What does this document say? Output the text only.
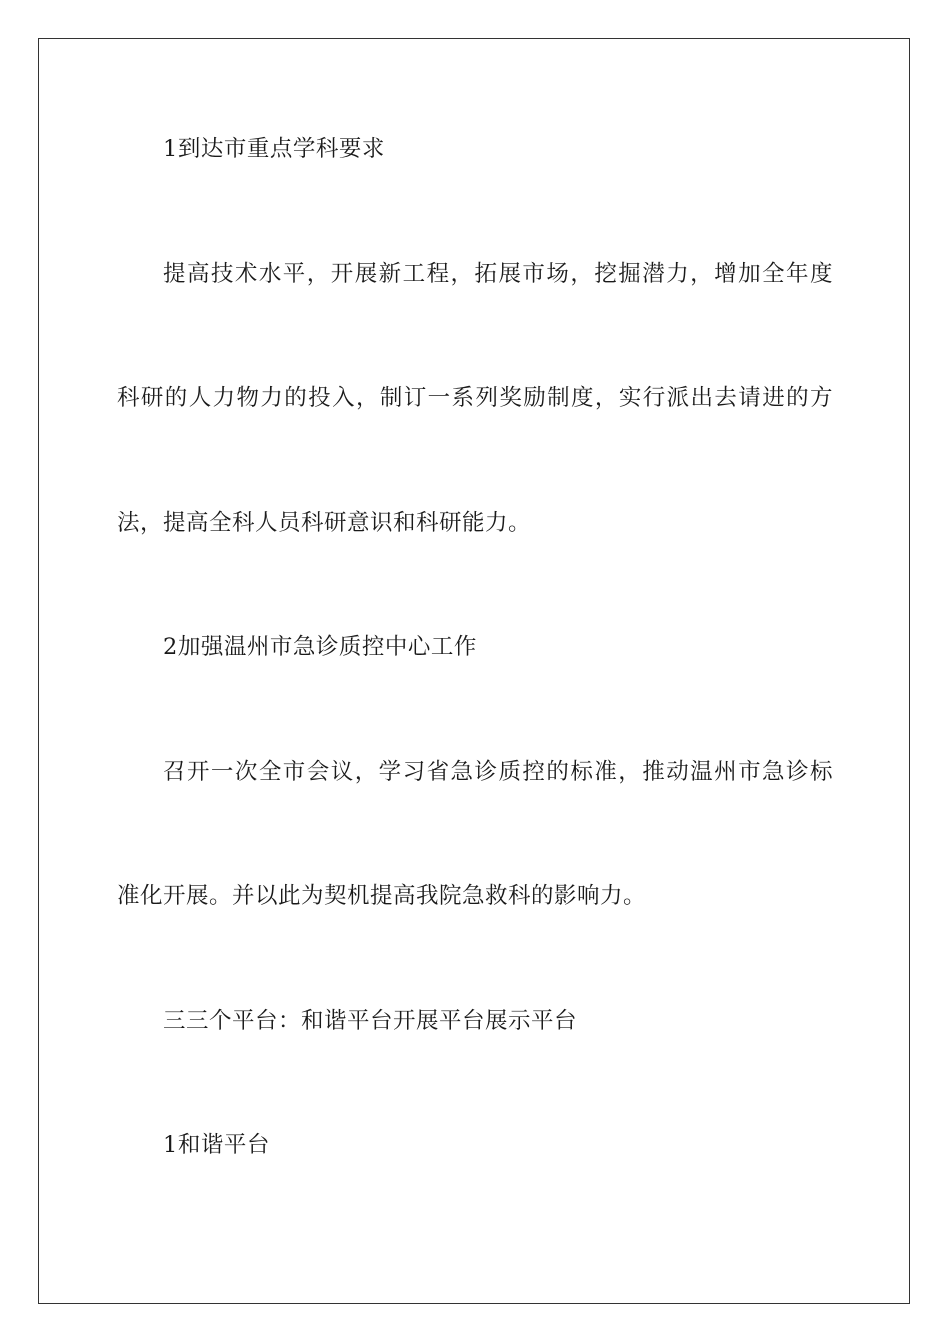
1到达市重点学科要求
提高技术水平，开展新工程，拓展市场，挖掘潜力，增加全年度
科研的人力物力的投入，制订一系列奖励制度，实行派出去请进的方
法，提高全科人员科研意识和科研能力。
2加强温州市急诊质控中心工作
召开一次全市会议，学习省急诊质控的标准，推动温州市急诊标
准化开展。并以此为契机提高我院急救科的影响力。
三三个平台：和谐平台开展平台展示平台
1和谐平台
